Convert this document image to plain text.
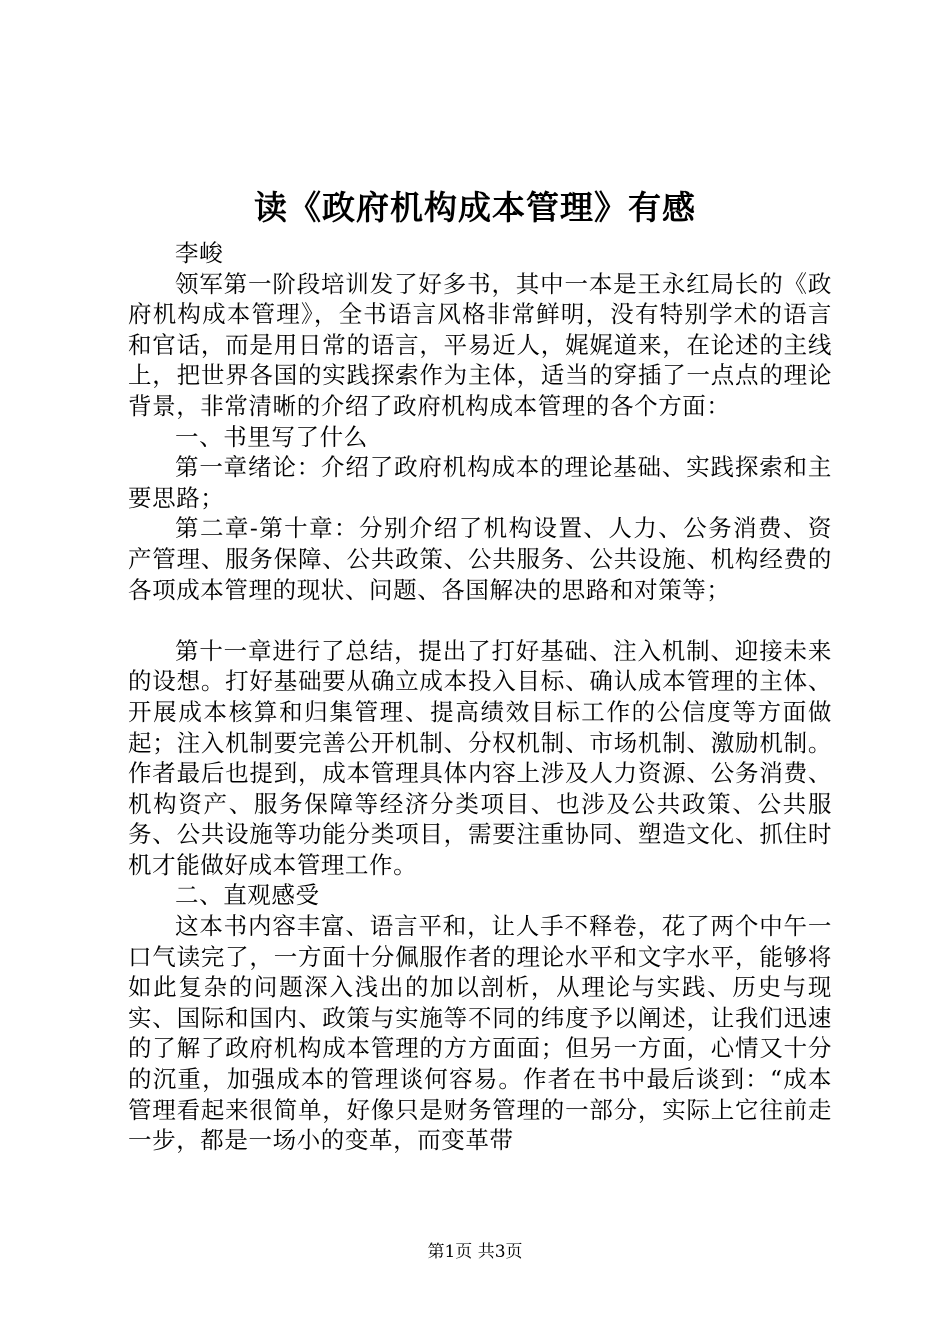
读《政府机构成本管理》有感

李峻

领军第一阶段培训发了好多书，其中一本是王永红局长的《政府机构成本管理》，全书语言风格非常鲜明，没有特别学术的语言和官话，而是用日常的语言，平易近人，娓娓道来，在论述的主线上，把世界各国的实践探索作为主体，适当的穿插了一点点的理论背景，非常清晰的介绍了政府机构成本管理的各个方面：

一、书里写了什么

第一章绪论：介绍了政府机构成本的理论基础、实践探索和主要思路；

第二章-第十章：分别介绍了机构设置、人力、公务消费、资产管理、服务保障、公共政策、公共服务、公共设施、机构经费的各项成本管理的现状、问题、各国解决的思路和对策等；

第十一章进行了总结，提出了打好基础、注入机制、迎接未来的设想。打好基础要从确立成本投入目标、确认成本管理的主体、开展成本核算和归集管理、提高绩效目标工作的公信度等方面做起；注入机制要完善公开机制、分权机制、市场机制、激励机制。作者最后也提到，成本管理具体内容上涉及人力资源、公务消费、机构资产、服务保障等经济分类项目、也涉及公共政策、公共服务、公共设施等功能分类项目，需要注重协同、塑造文化、抓住时机才能做好成本管理工作。

二、直观感受

这本书内容丰富、语言平和，让人手不释卷，花了两个中午一口气读完了，一方面十分佩服作者的理论水平和文字水平，能够将如此复杂的问题深入浅出的加以剖析，从理论与实践、历史与现实、国际和国内、政策与实施等不同的纬度予以阐述，让我们迅速的了解了政府机构成本管理的方方面面；但另一方面，心情又十分的沉重，加强成本的管理谈何容易。作者在书中最后谈到：“成本管理看起来很简单，好像只是财务管理的一部分，实际上它往前走一步，都是一场小的变革，而变革带

第1页 共3页
